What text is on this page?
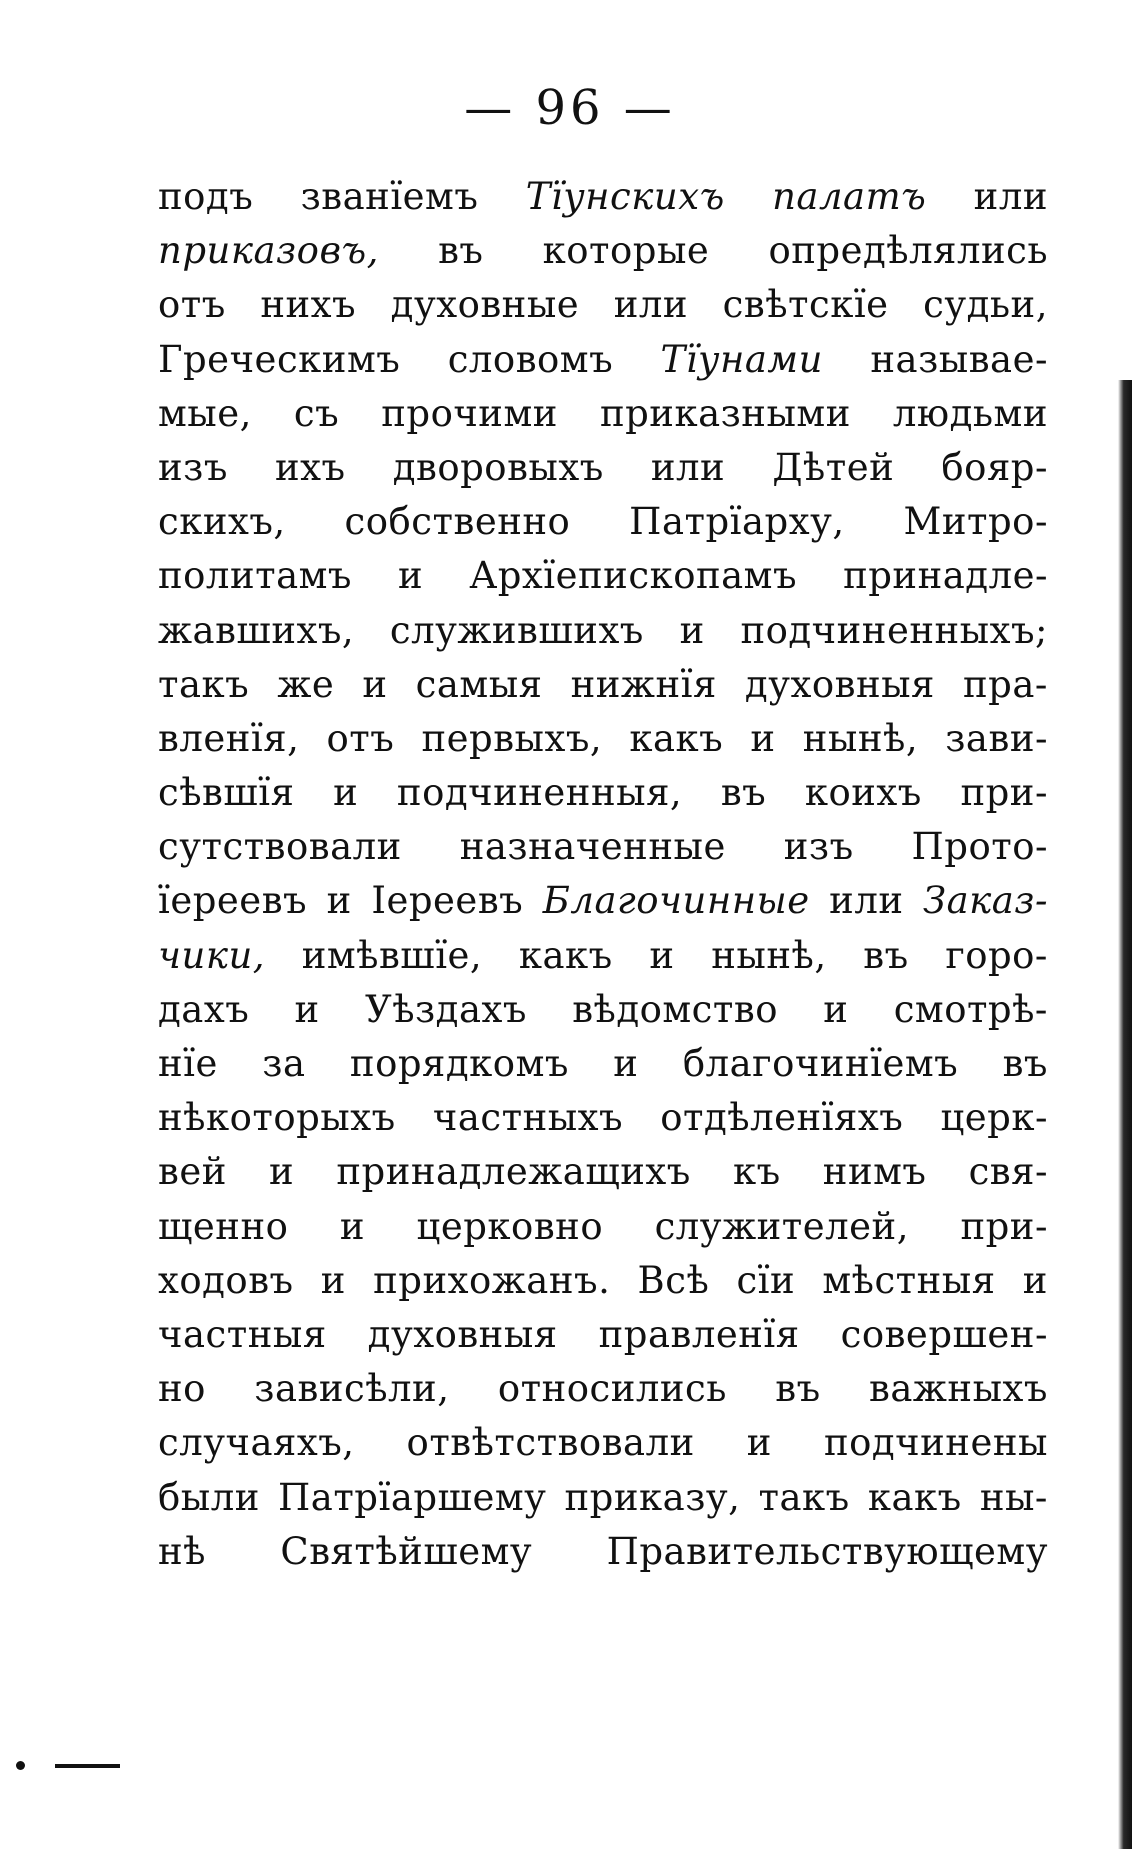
— 96 —
подъ званїемъ Тїунскихъ палатъ или
приказовъ, въ которые опредѣлялись
отъ нихъ духовные или свѣтскїе судьи,
Греческимъ словомъ Тїунами называе-
мые, съ прочими приказными людьми
изъ ихъ дворовыхъ или Дѣтей бояр-
скихъ, собственно Патрїарху, Митро-
политамъ и Архїепископамъ принадле-
жавшихъ, служившихъ и подчиненныхъ;
такъ же и самыя нижнїя духовныя пра-
вленїя, отъ первыхъ, какъ и нынѣ, зави-
сѣвшїя и подчиненныя, въ коихъ при-
сутствовали назначенные изъ Прото-
їереевъ и Іереевъ Благочинные или Заказ-
чики, имѣвшїе, какъ и нынѣ, въ горо-
дахъ и Уѣздахъ вѣдомство и смотрѣ-
нїе за порядкомъ и благочинїемъ въ
нѣкоторыхъ частныхъ отдѣленїяхъ церк-
вей и принадлежащихъ къ нимъ свя-
щенно и церковно служителей, при-
ходовъ и прихожанъ. Всѣ сїи мѣстныя и
частныя духовныя правленїя совершен-
но зависѣли, относились въ важныхъ
случаяхъ, отвѣтствовали и подчинены
были Патрїаршему приказу, такъ какъ ны-
нѣ Святѣйшему Правительствующему
